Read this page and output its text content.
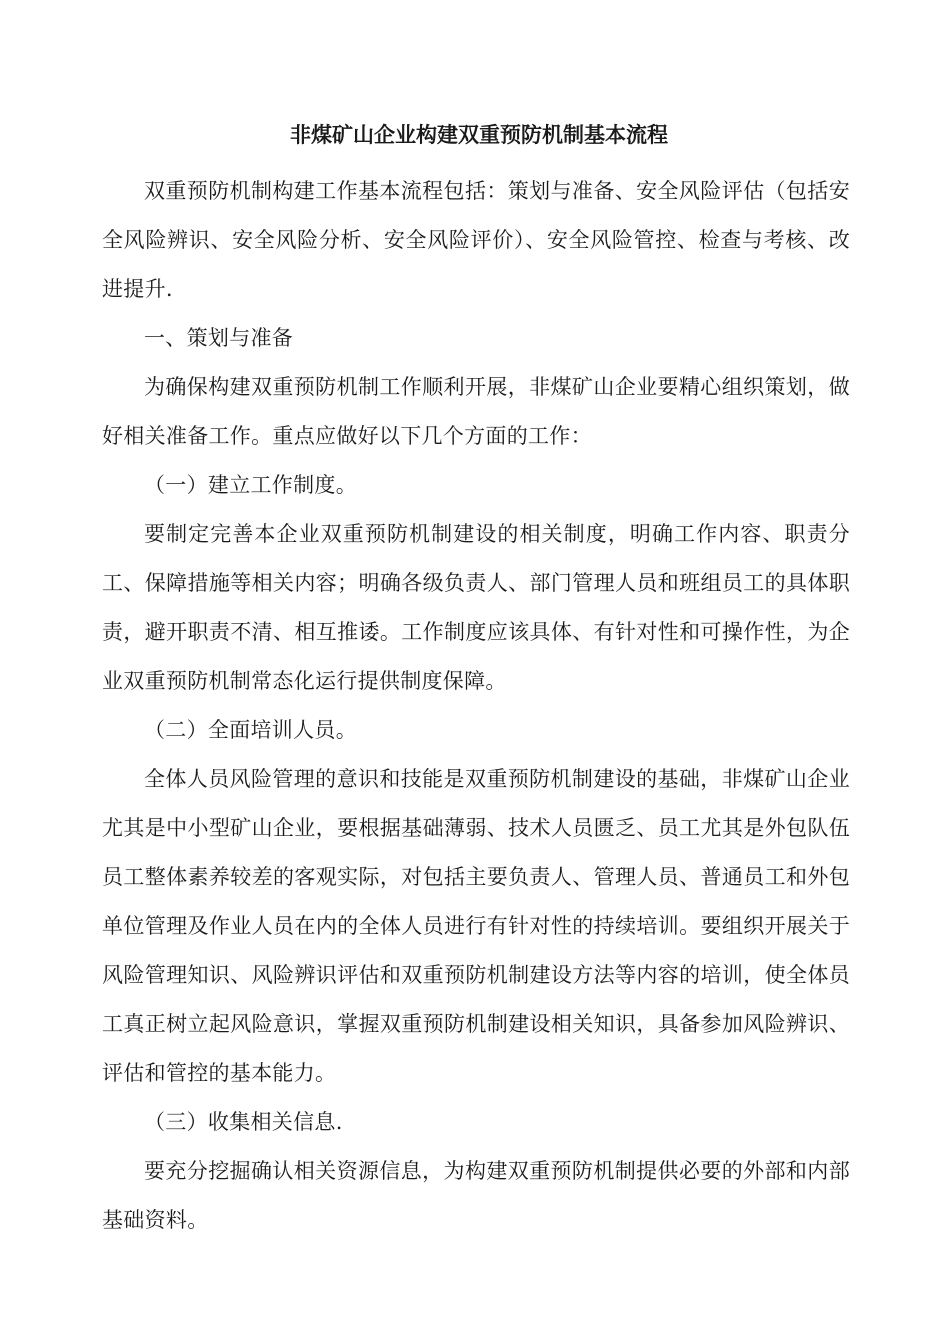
非煤矿山企业构建双重预防机制基本流程

双重预防机制构建工作基本流程包括：策划与准备、安全风险评估（包括安全风险辨识、安全风险分析、安全风险评价）、安全风险管控、检查与考核、改进提升.

一、策划与准备

为确保构建双重预防机制工作顺利开展，非煤矿山企业要精心组织策划，做好相关准备工作。重点应做好以下几个方面的工作：

（一）建立工作制度。

要制定完善本企业双重预防机制建设的相关制度，明确工作内容、职责分工、保障措施等相关内容；明确各级负责人、部门管理人员和班组员工的具体职责，避开职责不清、相互推诿。工作制度应该具体、有针对性和可操作性，为企业双重预防机制常态化运行提供制度保障。

（二）全面培训人员。

全体人员风险管理的意识和技能是双重预防机制建设的基础，非煤矿山企业尤其是中小型矿山企业，要根据基础薄弱、技术人员匮乏、员工尤其是外包队伍员工整体素养较差的客观实际，对包括主要负责人、管理人员、普通员工和外包单位管理及作业人员在内的全体人员进行有针对性的持续培训。要组织开展关于风险管理知识、风险辨识评估和双重预防机制建设方法等内容的培训，使全体员工真正树立起风险意识，掌握双重预防机制建设相关知识，具备参加风险辨识、评估和管控的基本能力。

（三）收集相关信息.

要充分挖掘确认相关资源信息，为构建双重预防机制提供必要的外部和内部基础资料。
